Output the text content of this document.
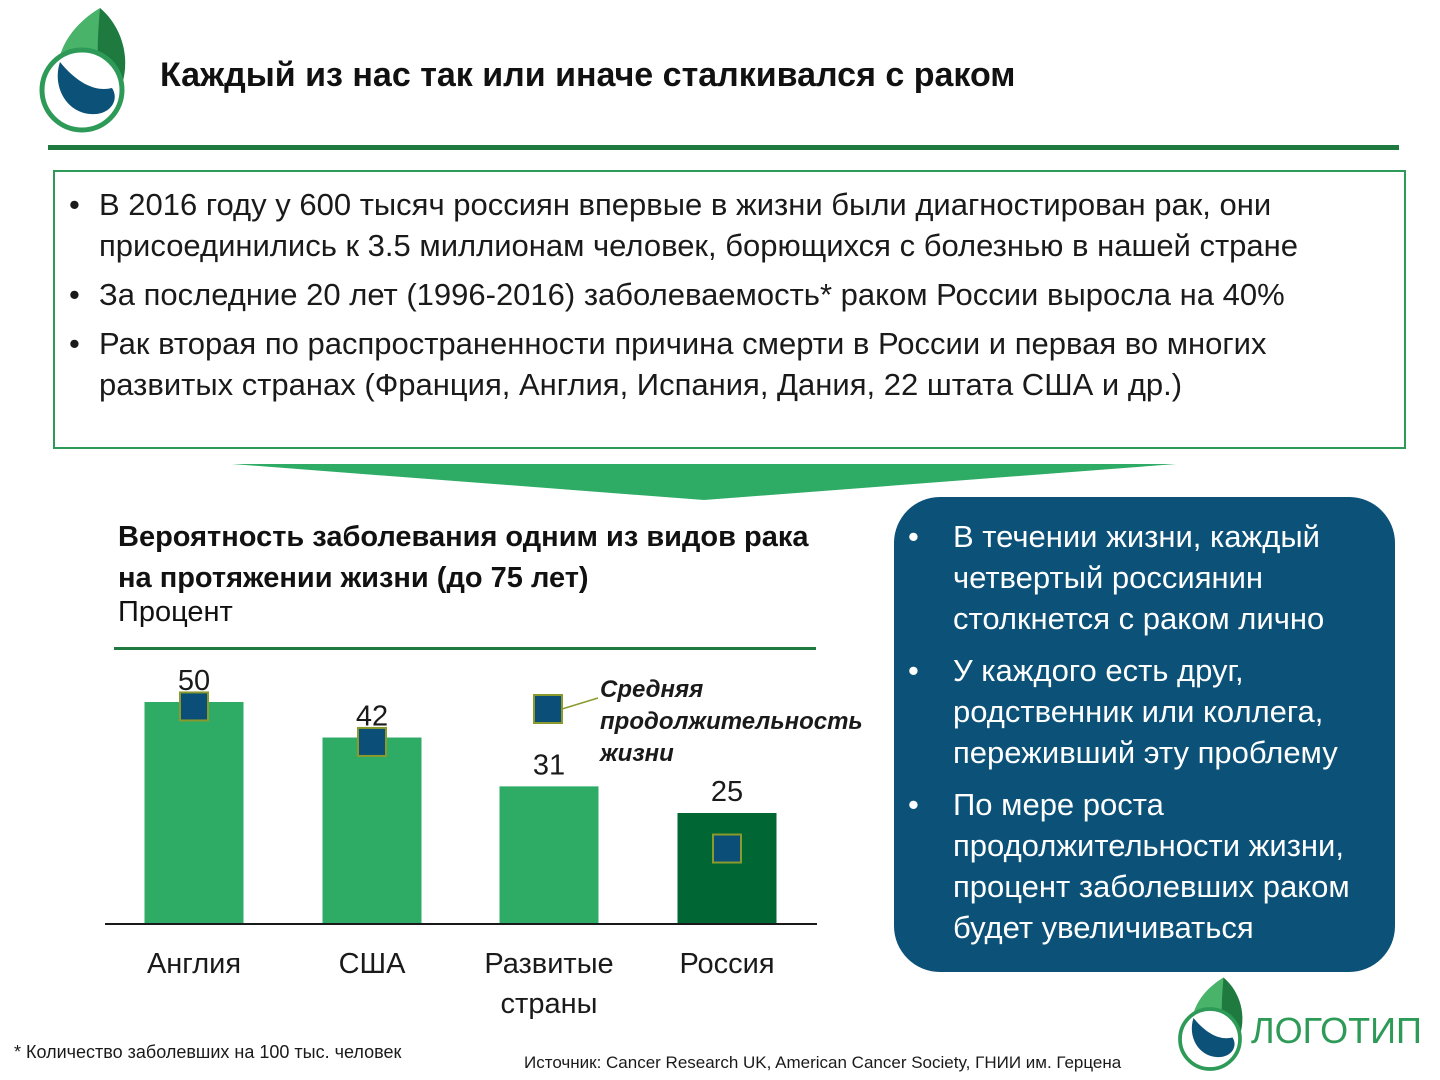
Каждый из нас так или иначе сталкивался с раком
• В 2016 году у 600 тысяч россиян впервые в жизни были диагностирован рак, они присоединились к 3.5 миллионам человек, борющихся с болезнью в нашей стране
• За последние 20 лет (1996-2016) заболеваемость* раком России выросла на 40%
• Рак вторая по распространенности причина смерти в России и первая во многих развитых странах (Франция, Англия, Испания, Дания, 22 штата США и др.)
Вероятность заболевания одним из видов рака на протяжении жизни (до 75 лет)
Процент
50
Англия
42
США
31
Развитые
страны
25
Россия
Средняя
продолжительность
жизни
• В течении жизни, каждый четвертый россиянин столкнется с раком лично
• У каждого есть друг, родственник или коллега, переживший эту проблему
• По мере роста продолжительности жизни, процент заболевших раком будет увеличиваться
* Количество заболевших на 100 тыс. человек
Источник: Cancer Research UK, American Cancer Society, ГНИИ им. Герцена
ЛОГОТИП
